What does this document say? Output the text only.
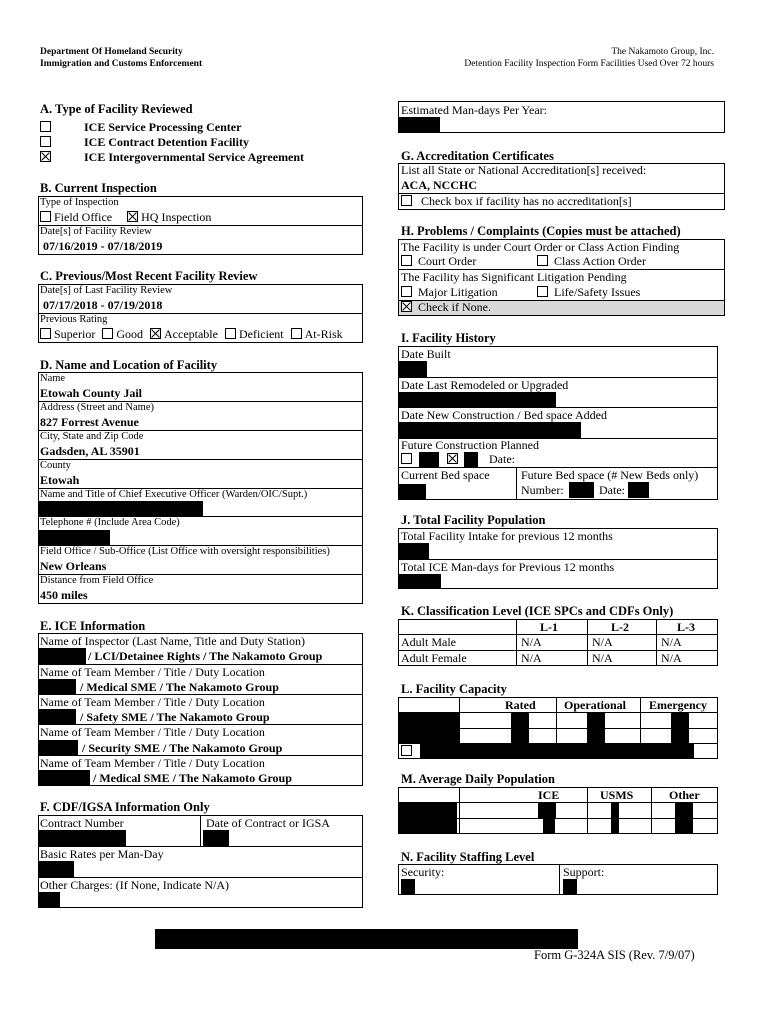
Department Of Homeland Security
Immigration and Customs Enforcement
The Nakamoto Group, Inc.
Detention Facility Inspection Form Facilities Used Over 72 hours
A. Type of Facility Reviewed
ICE Service Processing Center
ICE Contract Detention Facility
ICE Intergovernmental Service Agreement
B. Current Inspection
Type of Inspection
Field Office HQ Inspection
Date[s] of Facility Review
07/16/2019 - 07/18/2019
C. Previous/Most Recent Facility Review
Date[s] of Last Facility Review
07/17/2018 - 07/19/2018
Previous Rating
Superior Good Acceptable Deficient At-Risk
D. Name and Location of Facility
Name
Etowah County Jail
Address (Street and Name)
827 Forrest Avenue
City, State and Zip Code
Gadsden, AL 35901
County
Etowah
Name and Title of Chief Executive Officer (Warden/OIC/Supt.)
Telephone # (Include Area Code)
Field Office / Sub-Office (List Office with oversight responsibilities)
New Orleans
Distance from Field Office
450 miles
E. ICE Information
Name of Inspector (Last Name, Title and Duty Station)
/ LCI/Detainee Rights / The Nakamoto Group
Name of Team Member / Title / Duty Location
/ Medical SME / The Nakamoto Group
Name of Team Member / Title / Duty Location
/ Safety SME / The Nakamoto Group
Name of Team Member / Title / Duty Location
/ Security SME / The Nakamoto Group
Name of Team Member / Title / Duty Location
/ Medical SME / The Nakamoto Group
F. CDF/IGSA Information Only
Contract Number	Date of Contract or IGSA
Basic Rates per Man-Day
Other Charges: (If None, Indicate N/A)
Estimated Man-days Per Year:
G. Accreditation Certificates
List all State or National Accreditation[s] received:
ACA, NCCHC
Check box if facility has no accreditation[s]
H. Problems / Complaints (Copies must be attached)
The Facility is under Court Order or Class Action Finding
Court Order	Class Action Order
The Facility has Significant Litigation Pending
Major Litigation	Life/Safety Issues
Check if None.
I. Facility History
Date Built
Date Last Remodeled or Upgraded
Date New Construction / Bed space Added
Future Construction Planned
Date:
Current Bed space	Future Bed space (# New Beds only)
Number:	Date:
J. Total Facility Population
Total Facility Intake for previous 12 months
Total ICE Man-days for Previous 12 months
K. Classification Level (ICE SPCs and CDFs Only)
L-1	L-2	L-3
Adult Male	N/A	N/A	N/A
Adult Female	N/A	N/A	N/A
L. Facility Capacity
Rated Operational Emergency
M. Average Daily Population
ICE	USMS	Other
N. Facility Staffing Level
Security:	Support:
Form G-324A SIS (Rev. 7/9/07)
